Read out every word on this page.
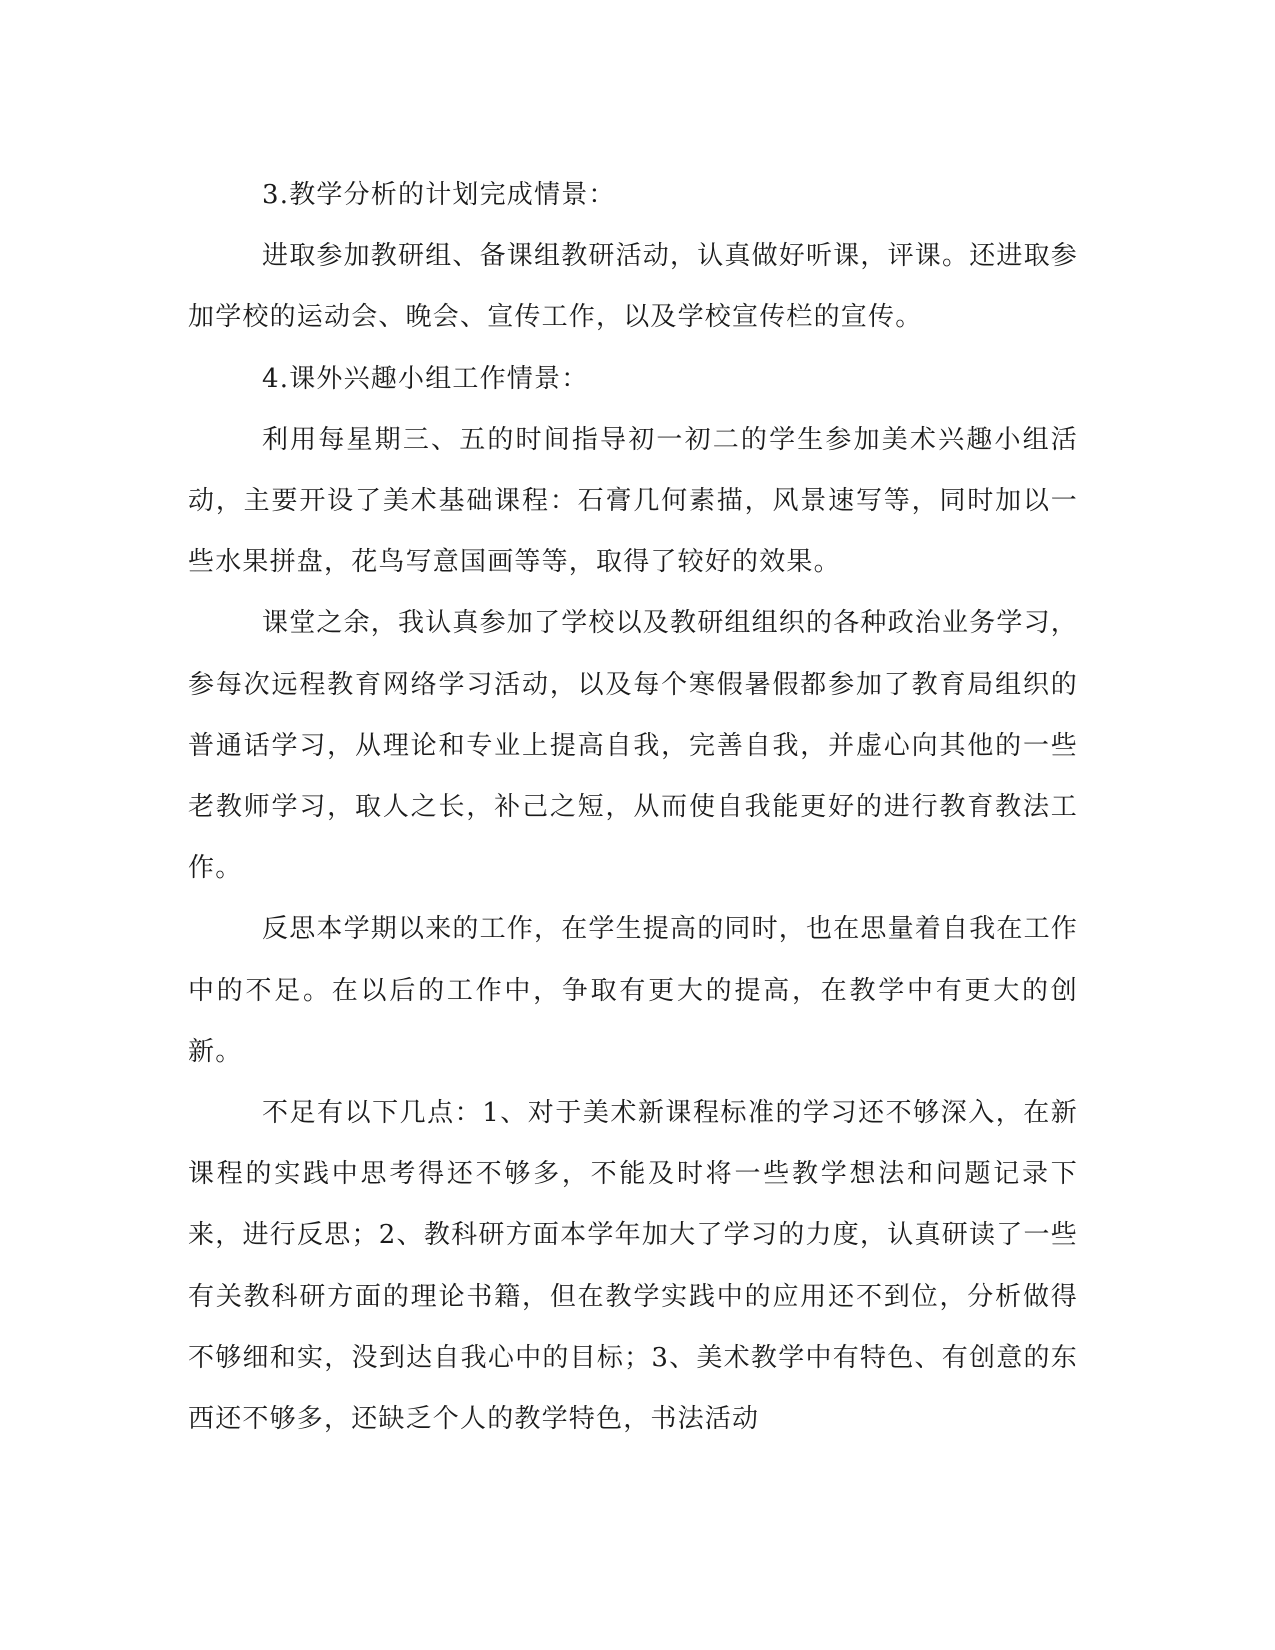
3.教学分析的计划完成情景：

进取参加教研组、备课组教研活动，认真做好听课，评课。还进取参加学校的运动会、晚会、宣传工作，以及学校宣传栏的宣传。

4.课外兴趣小组工作情景：

利用每星期三、五的时间指导初一初二的学生参加美术兴趣小组活动，主要开设了美术基础课程：石膏几何素描，风景速写等，同时加以一些水果拼盘，花鸟写意国画等等，取得了较好的效果。

课堂之余，我认真参加了学校以及教研组组织的各种政治业务学习，参每次远程教育网络学习活动，以及每个寒假暑假都参加了教育局组织的普通话学习，从理论和专业上提高自我，完善自我，并虚心向其他的一些老教师学习，取人之长，补己之短，从而使自我能更好的进行教育教法工作。

反思本学期以来的工作，在学生提高的同时，也在思量着自我在工作中的不足。在以后的工作中，争取有更大的提高，在教学中有更大的创新。

不足有以下几点：1、对于美术新课程标准的学习还不够深入，在新课程的实践中思考得还不够多，不能及时将一些教学想法和问题记录下来，进行反思；2、教科研方面本学年加大了学习的力度，认真研读了一些有关教科研方面的理论书籍，但在教学实践中的应用还不到位，分析做得不够细和实，没到达自我心中的目标；3、美术教学中有特色、有创意的东西还不够多，还缺乏个人的教学特色，书法活动
